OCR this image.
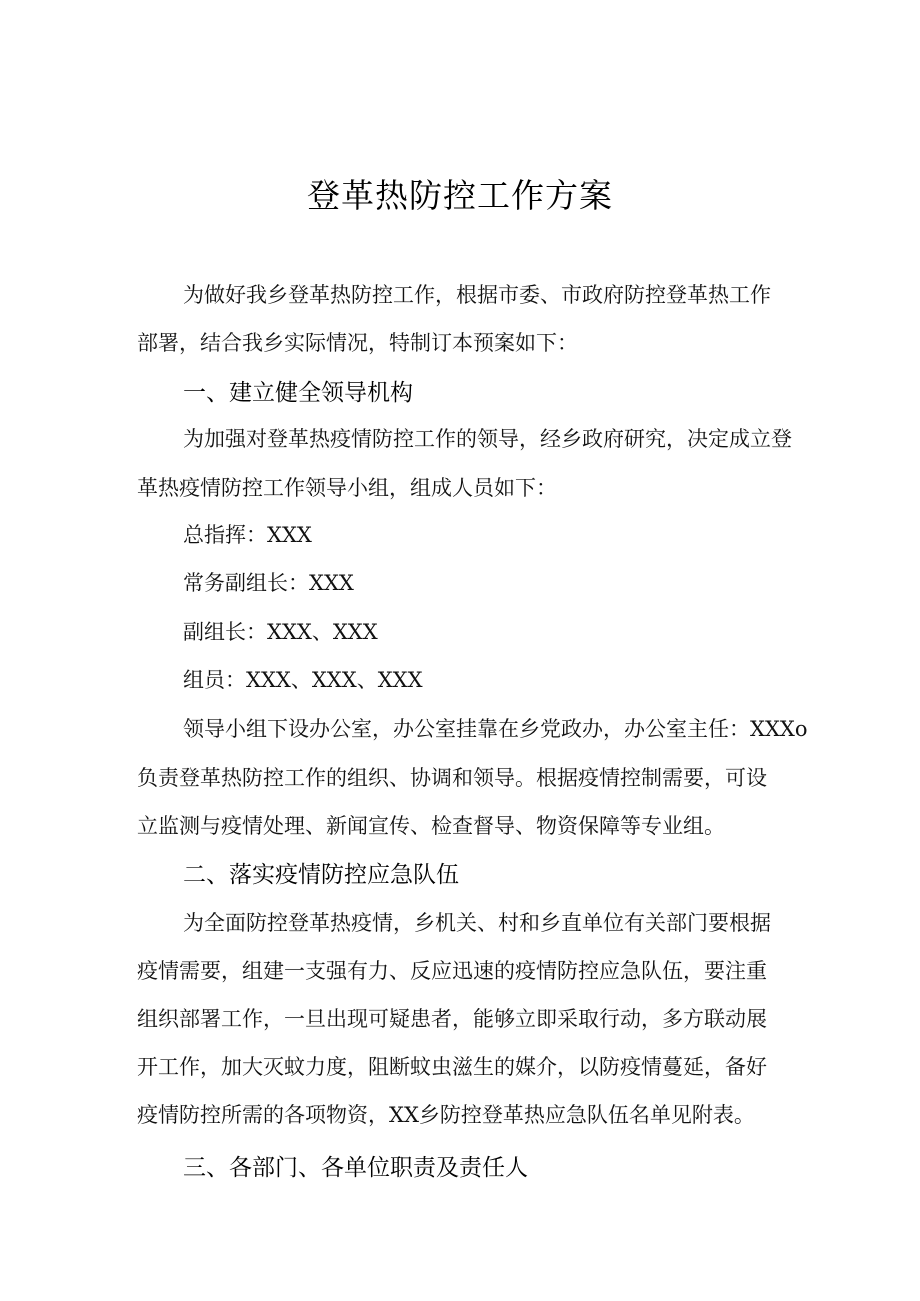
登革热防控工作方案
为做好我乡登革热防控工作，根据市委、市政府防控登革热工作
部署，结合我乡实际情况，特制订本预案如下：
一、建立健全领导机构
为加强对登革热疫情防控工作的领导，经乡政府研究，决定成立登
革热疫情防控工作领导小组，组成人员如下：
总指挥：XXX
常务副组长：XXX
副组长：XXX、XXX
组员：XXX、XXX、XXX
领导小组下设办公室，办公室挂靠在乡党政办，办公室主任：XXXo
负责登革热防控工作的组织、协调和领导。根据疫情控制需要，可设
立监测与疫情处理、新闻宣传、检查督导、物资保障等专业组。
二、落实疫情防控应急队伍
为全面防控登革热疫情，乡机关、村和乡直单位有关部门要根据
疫情需要，组建一支强有力、反应迅速的疫情防控应急队伍，要注重
组织部署工作，一旦出现可疑患者，能够立即采取行动，多方联动展
开工作，加大灭蚊力度，阻断蚊虫滋生的媒介，以防疫情蔓延，备好
疫情防控所需的各项物资，XX乡防控登革热应急队伍名单见附表。
三、各部门、各单位职责及责任人
